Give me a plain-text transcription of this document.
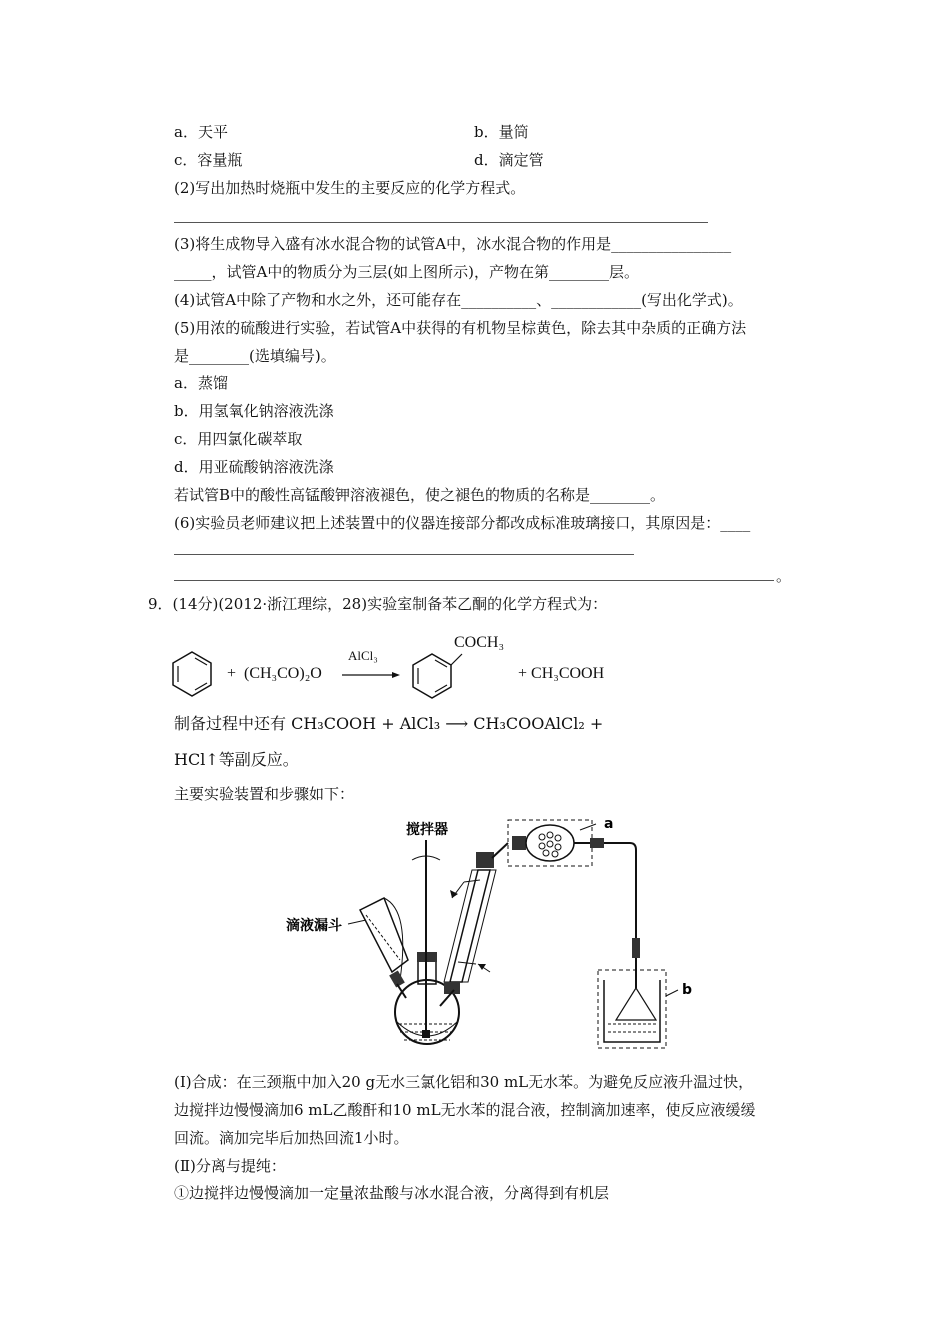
a．天平	b．量筒
c．容量瓶	d．滴定管
(2)写出加热时烧瓶中发生的主要反应的化学方程式。
(3)将生成物导入盛有冰水混合物的试管A中，冰水混合物的作用是________________
_____，试管A中的物质分为三层(如上图所示)，产物在第________层。
(4)试管A中除了产物和水之外，还可能存在__________、____________(写出化学式)。
(5)用浓的硫酸进行实验，若试管A中获得的有机物呈棕黄色，除去其中杂质的正确方法
是________(选填编号)。
a．蒸馏
b．用氢氧化钠溶液洗涤
c．用四氯化碳萃取
d．用亚硫酸钠溶液洗涤
若试管B中的酸性高锰酸钾溶液褪色，使之褪色的物质的名称是________。
(6)实验员老师建议把上述装置中的仪器连接部分都改成标准玻璃接口，其原因是：____
。
9．(14分)(2012·浙江理综，28)实验室制备苯乙酮的化学方程式为：
+ (CH₃CO)₂O
AlCl₃
COCH₃
+ CH₃COOH
制备过程中还有 CH₃COOH + AlCl₃ ⟶ CH₃COOAlCl₂ +
HCl↑等副反应。
主要实验装置和步骤如下：
搅拌器
滴液漏斗
a
b
(Ⅰ)合成：在三颈瓶中加入20 g无水三氯化铝和30 mL无水苯。为避免反应液升温过快，
边搅拌边慢慢滴加6 mL乙酸酐和10 mL无水苯的混合液，控制滴加速率，使反应液缓缓
回流。滴加完毕后加热回流1小时。
(Ⅱ)分离与提纯：
①边搅拌边慢慢滴加一定量浓盐酸与冰水混合液，分离得到有机层
